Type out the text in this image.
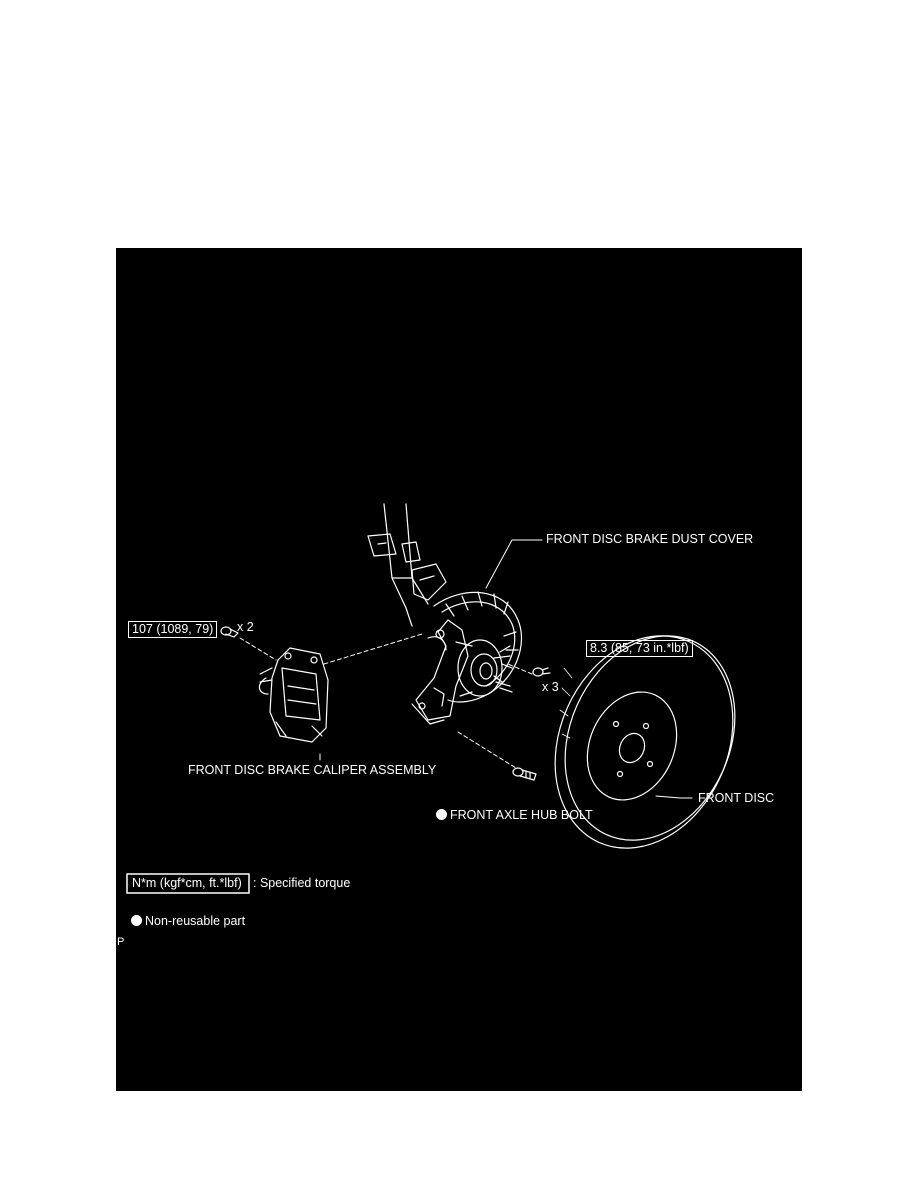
FRONT DISC BRAKE DUST COVER
107 (1089, 79)	x 2
8.3 (85, 73 in.*lbf)
x 3
FRONT DISC BRAKE CALIPER ASSEMBLY
FRONT DISC
FRONT AXLE HUB BOLT
N*m (kgf*cm, ft.*lbf) : Specified torque
Non-reusable part
P
